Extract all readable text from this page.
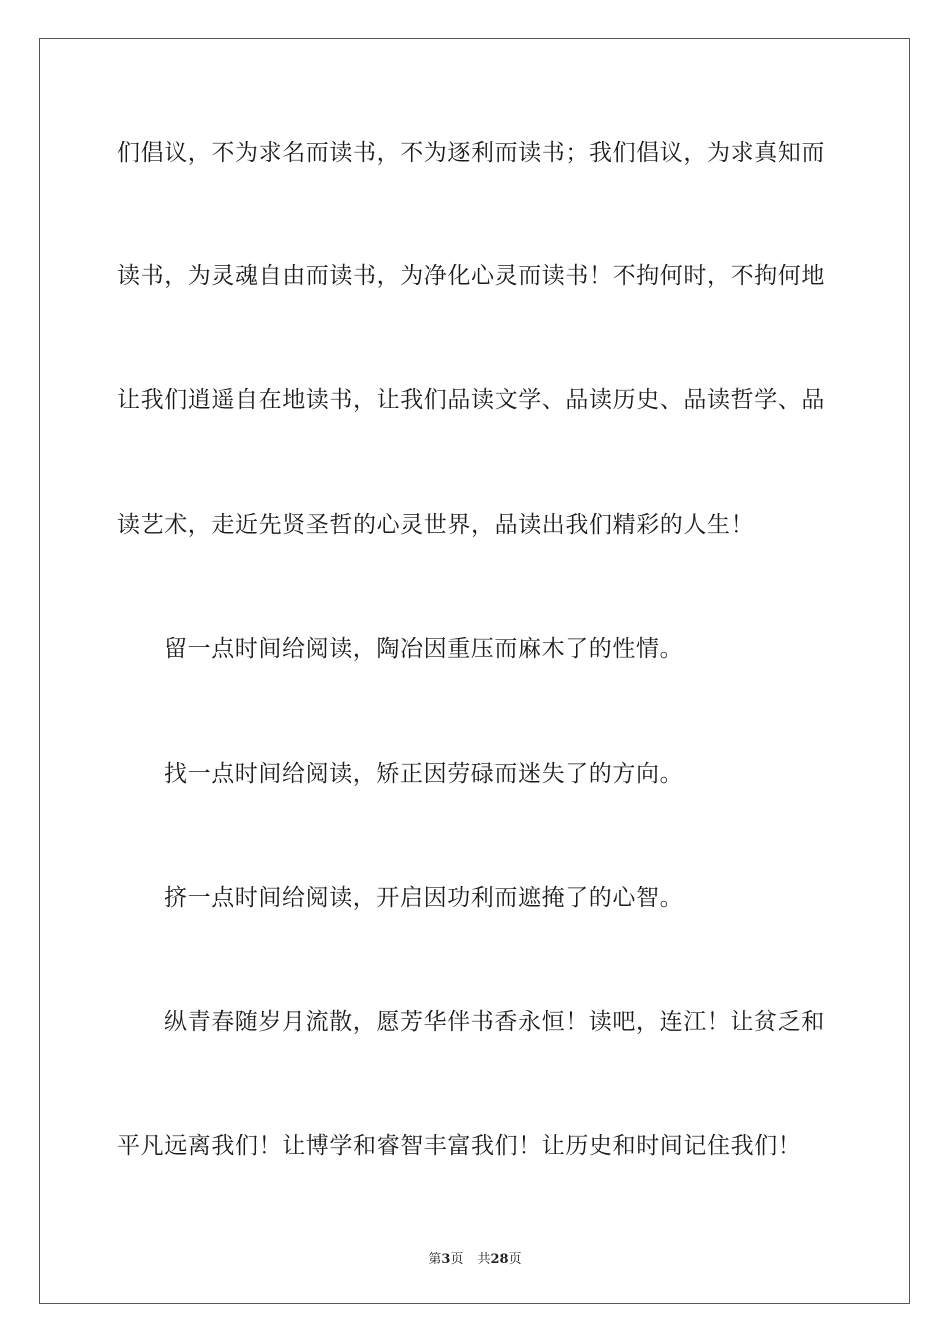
们倡议，不为求名而读书，不为逐利而读书；我们倡议，为求真知而
读书，为灵魂自由而读书，为净化心灵而读书！不拘何时，不拘何地
让我们逍遥自在地读书，让我们品读文学、品读历史、品读哲学、品
读艺术，走近先贤圣哲的心灵世界，品读出我们精彩的人生！
留一点时间给阅读，陶冶因重压而麻木了的性情。
找一点时间给阅读，矫正因劳碌而迷失了的方向。
挤一点时间给阅读，开启因功利而遮掩了的心智。
纵青春随岁月流散，愿芳华伴书香永恒！读吧，连江！让贫乏和
平凡远离我们！让博学和睿智丰富我们！让历史和时间记住我们！
第3页 共28页
